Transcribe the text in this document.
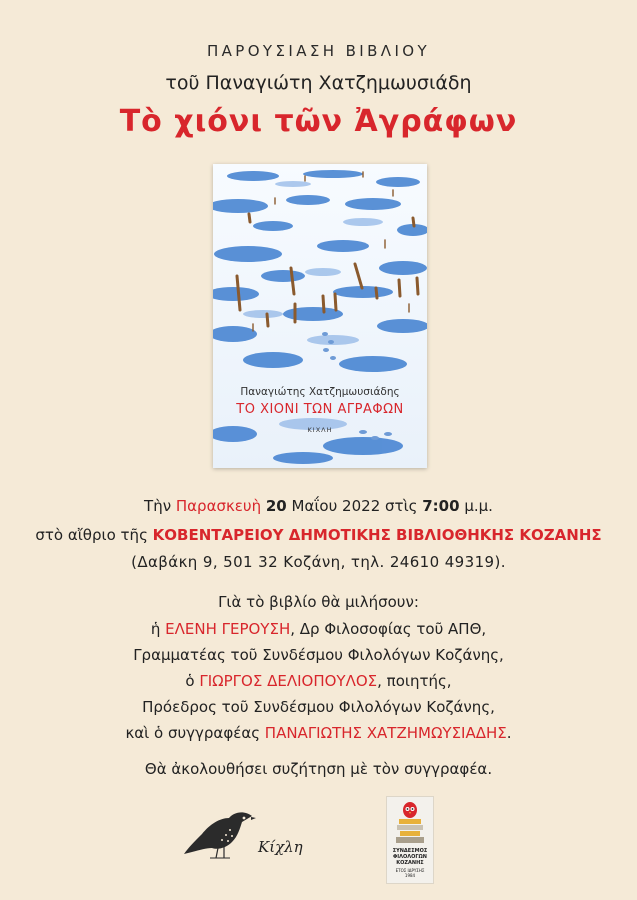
ΠΑΡΟΥΣΙΑΣΗ ΒΙΒΛΙΟΥ
τοῦ Παναγιώτη Χατζημωυσιάδη
Τὸ χιόνι τῶν Ἀγράφων
Παναγιώτης Χατζημωυσιάδης
ΤΟ ΧΙΟΝΙ ΤΩΝ ΑΓΡΑΦΩΝ
ΚΙΧΛΗ
Τὴν Παρασκευὴ 20 Μαΐου 2022 στὶς 7:00 μ.μ.
στὸ αἴθριο τῆς ΚΟΒΕΝΤΑΡΕΙΟΥ ΔΗΜΟΤΙΚΗΣ ΒΙΒΛΙΟΘΗΚΗΣ ΚΟΖΑΝΗΣ
(Δαβάκη 9, 501 32 Κοζάνη, τηλ. 24610 49319).
Γιὰ τὸ βιβλίο θὰ μιλήσουν:
ἡ ΕΛΕΝΗ ΓΕΡΟΥΣΗ, Δρ Φιλοσοφίας τοῦ ΑΠΘ,
Γραμματέας τοῦ Συνδέσμου Φιλολόγων Κοζάνης,
ὁ ΓΙΩΡΓΟΣ ΔΕΛΙΟΠΟΥΛΟΣ, ποιητής,
Πρόεδρος τοῦ Συνδέσμου Φιλολόγων Κοζάνης,
καὶ ὁ συγγραφέας ΠΑΝΑΓΙΩΤΗΣ ΧΑΤΖΗΜΩΥΣΙΑΔΗΣ.
Θὰ ἀκολουθήσει συζήτηση μὲ τὸν συγγραφέα.
Κίχλη	ΣΥΝΔΕΣΜΟΣ
ΦΙΛΟΛΟΓΩΝ
ΚΟΖΑΝΗΣ
ΕΤΟΣ ΙΔΡΥΣΗΣ
1984
